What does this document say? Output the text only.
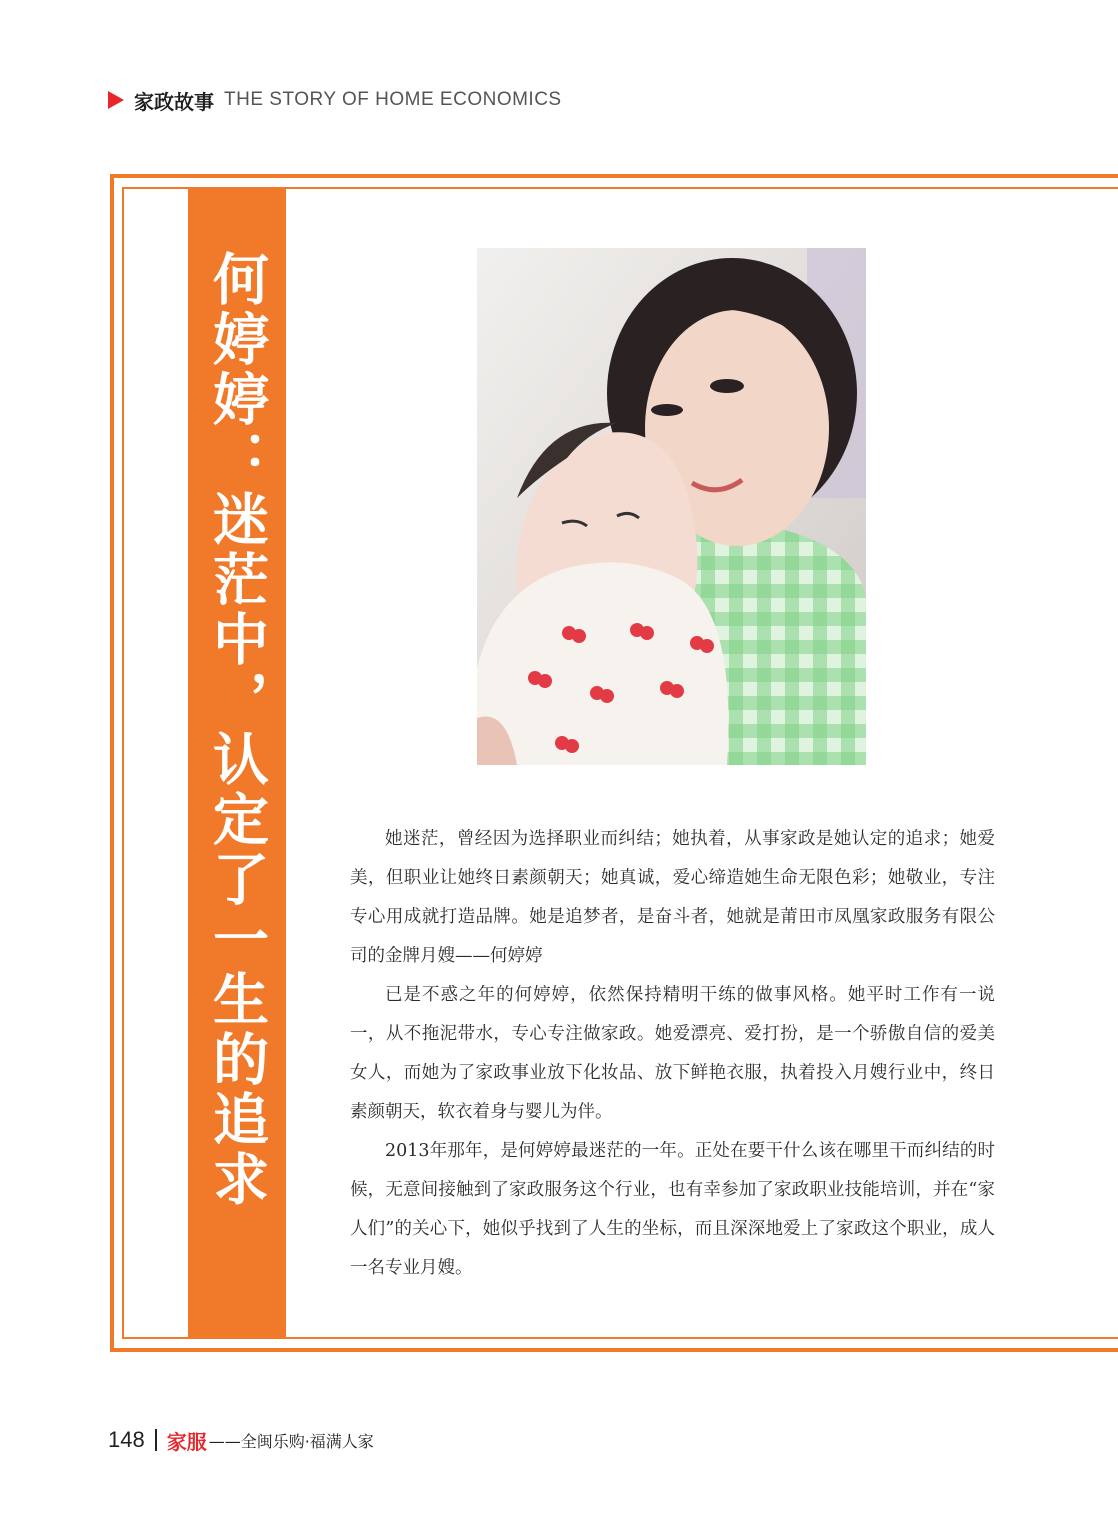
家政故事 THE STORY OF HOME ECONOMICS
何婷婷：迷茫中，认定了一生的追求	她迷茫，曾经因为选择职业而纠结；她执着，从事家政是她认定的追求；她爱美，但职业让她终日素颜朝天；她真诚，爱心缔造她生命无限色彩；她敬业，专注专心用成就打造品牌。她是追梦者，是奋斗者，她就是莆田市凤凰家政服务有限公司的金牌月嫂——何婷婷

已是不惑之年的何婷婷，依然保持精明干练的做事风格。她平时工作有一说一，从不拖泥带水，专心专注做家政。她爱漂亮、爱打扮，是一个骄傲自信的爱美女人，而她为了家政事业放下化妆品、放下鲜艳衣服，执着投入月嫂行业中，终日素颜朝天，软衣着身与婴儿为伴。

2013年那年，是何婷婷最迷茫的一年。正处在要干什么该在哪里干而纠结的时候，无意间接触到了家政服务这个行业，也有幸参加了家政职业技能培训，并在“家人们”的关心下，她似乎找到了人生的坐标，而且深深地爱上了家政这个职业，成人一名专业月嫂。

148 家服 ——全闽乐购·福满人家
